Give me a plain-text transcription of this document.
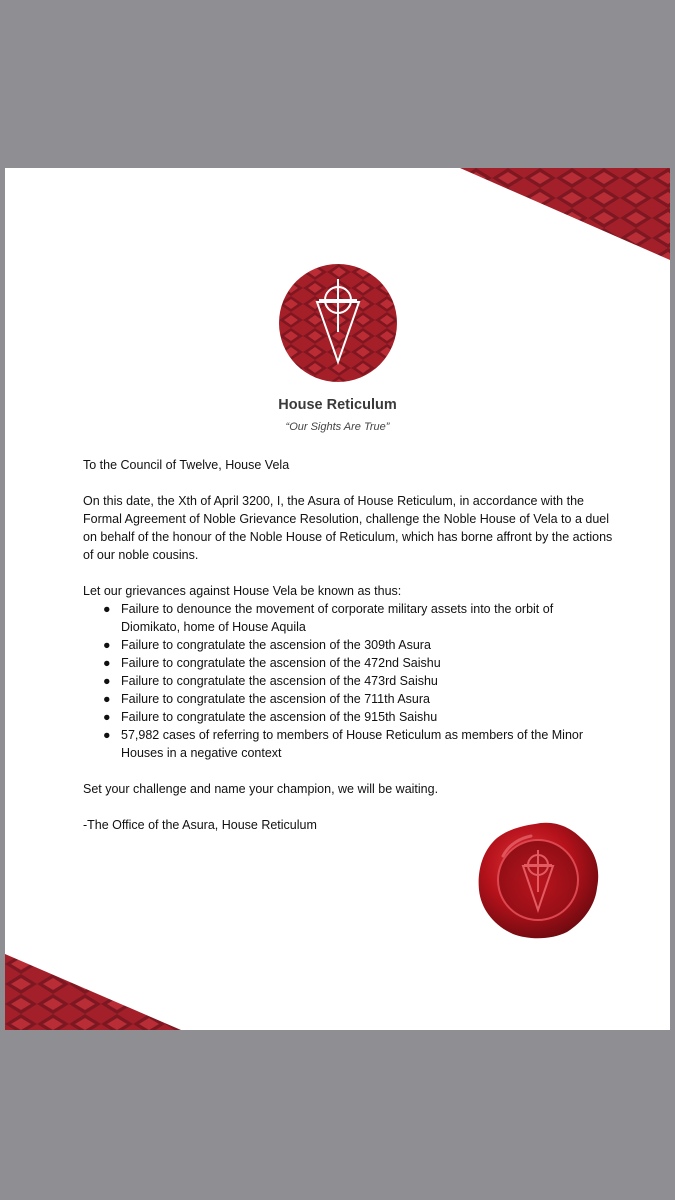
House Reticulum
“Our Sights Are True”

To the Council of Twelve, House Vela

On this date, the Xth of April 3200, I, the Asura of House Reticulum, in accordance with the Formal Agreement of Noble Grievance Resolution, challenge the Noble House of Vela to a duel on behalf of the honour of the Noble House of Reticulum, which has borne affront by the actions of our noble cousins.

Let our grievances against House Vela be known as thus:
● Failure to denounce the movement of corporate military assets into the orbit of Diomikato, home of House Aquila
● Failure to congratulate the ascension of the 309th Asura
● Failure to congratulate the ascension of the 472nd Saishu
● Failure to congratulate the ascension of the 473rd Saishu
● Failure to congratulate the ascension of the 711th Asura
● Failure to congratulate the ascension of the 915th Saishu
● 57,982 cases of referring to members of House Reticulum as members of the Minor Houses in a negative context

Set your challenge and name your champion, we will be waiting.

-The Office of the Asura, House Reticulum
